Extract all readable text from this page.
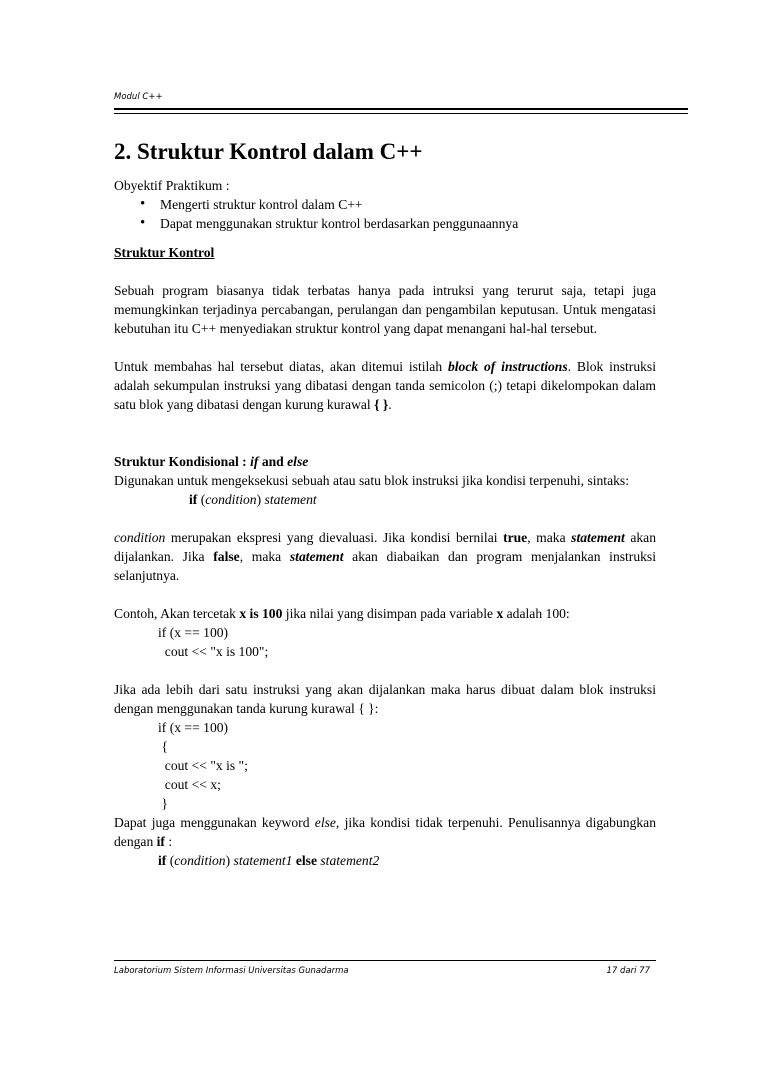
Modul C++
2. Struktur Kontrol dalam C++
Obyektif Praktikum :
• Mengerti struktur kontrol dalam C++
• Dapat menggunakan struktur kontrol berdasarkan penggunaannya
Struktur Kontrol

Sebuah program biasanya tidak terbatas hanya pada intruksi yang terurut saja, tetapi juga memungkinkan terjadinya percabangan, perulangan dan pengambilan keputusan. Untuk mengatasi kebutuhan itu C++ menyediakan struktur kontrol yang dapat menangani hal-hal tersebut.

Untuk membahas hal tersebut diatas, akan ditemui istilah block of instructions. Blok instruksi adalah sekumpulan instruksi yang dibatasi dengan tanda semicolon (;) tetapi dikelompokan dalam satu blok yang dibatasi dengan kurung kurawal { }.

Struktur Kondisional : if and else

Digunakan untuk mengeksekusi sebuah atau satu blok instruksi jika kondisi terpenuhi, sintaks:

if (condition) statement

condition merupakan ekspresi yang dievaluasi. Jika kondisi bernilai true, maka statement akan dijalankan. Jika false, maka statement akan diabaikan dan program menjalankan instruksi selanjutnya.

Contoh, Akan tercetak x is 100 jika nilai yang disimpan pada variable x adalah 100:

if (x == 100)
cout << "x is 100";

Jika ada lebih dari satu instruksi yang akan dijalankan maka harus dibuat dalam blok instruksi dengan menggunakan tanda kurung kurawal { }:

if (x == 100)
{
cout << "x is ";
cout << x;
}

Dapat juga menggunakan keyword else, jika kondisi tidak terpenuhi. Penulisannya digabungkan dengan if :

if (condition) statement1 else statement2
Laboratorium Sistem Informasi Universitas Gunadarma	17 dari 77
